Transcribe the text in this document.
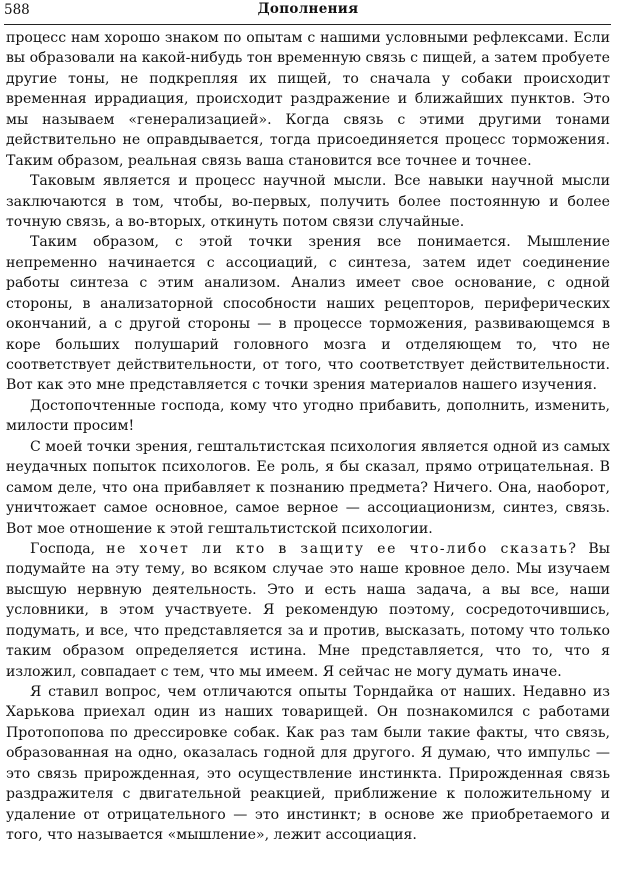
588	Дополнения

процесс нам хорошо знаком по опытам с нашими условными рефлексами. Если вы образовали на какой-нибудь тон временную связь с пищей, а затем пробуете другие тоны, не подкрепляя их пищей, то сначала у собаки происходит временная иррадиация, происходит раздражение и ближайших пунктов. Это мы называем «генерализацией». Когда связь с этими другими тонами действительно не оправдывается, тогда присоединяется процесс торможения. Таким образом, реальная связь ваша становится все точнее и точнее.

Таковым является и процесс научной мысли. Все навыки научной мысли заключаются в том, чтобы, во-первых, получить более постоянную и более точную связь, а во-вторых, откинуть потом связи случайные.

Таким образом, с этой точки зрения все понимается. Мышление непременно начинается с ассоциаций, с синтеза, затем идет соединение работы синтеза с этим анализом. Анализ имеет свое основание, с одной стороны, в анализаторной способности наших рецепторов, периферических окончаний, а с другой стороны — в процессе торможения, развивающемся в коре больших полушарий головного мозга и отделяющем то, что не соответствует действительности, от того, что соответствует действительности. Вот как это мне представляется с точки зрения материалов нашего изучения.

Достопочтенные господа, кому что угодно прибавить, дополнить, изменить, милости просим!

С моей точки зрения, гештальтистская психология является одной из самых неудачных попыток психологов. Ее роль, я бы сказал, прямо отрицательная. В самом деле, что она прибавляет к познанию предмета? Ничего. Она, наоборот, уничтожает самое основное, самое верное — ассоциационизм, синтез, связь. Вот мое отношение к этой гештальтистской психологии.

Господа, не хочет ли кто в защиту ее что-либо сказать? Вы подумайте на эту тему, во всяком случае это наше кровное дело. Мы изучаем высшую нервную деятельность. Это и есть наша задача, а вы все, наши условники, в этом участвуете. Я рекомендую поэтому, сосредоточившись, подумать, и все, что представляется за и против, высказать, потому что только таким образом определяется истина. Мне представляется, что то, что я изложил, совпадает с тем, что мы имеем. Я сейчас не могу думать иначе.

Я ставил вопрос, чем отличаются опыты Торндайка от наших. Недавно из Харькова приехал один из наших товарищей. Он познакомился с работами Протопопова по дрессировке собак. Как раз там были такие факты, что связь, образованная на одно, оказалась годной для другого. Я думаю, что импульс — это связь прирожденная, это осуществление инстинкта. Прирожденная связь раздражителя с двигательной реакцией, приближение к положительному и удаление от отрицательного — это инстинкт; в основе же приобретаемого и того, что называется «мышление», лежит ассоциация.
